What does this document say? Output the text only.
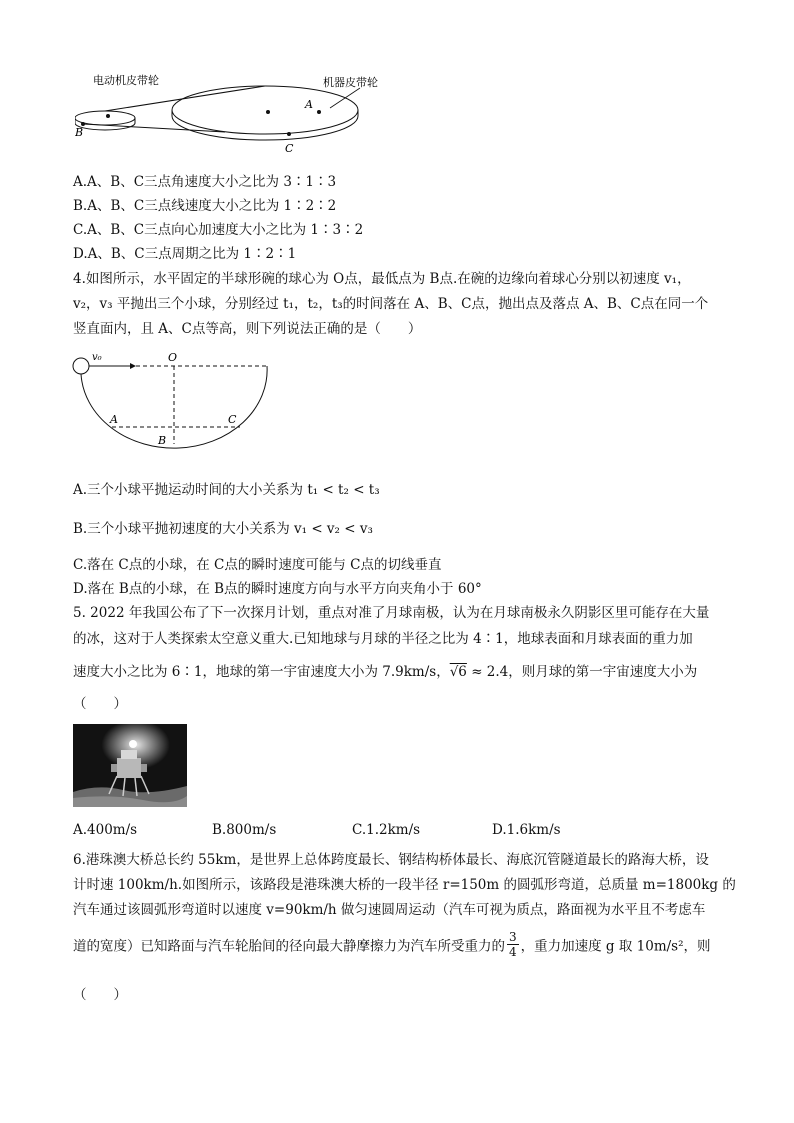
电动机皮带轮	机器皮带轮
A
B
C
A.A、B、C三点角速度大小之比为 3∶1∶3
B.A、B、C三点线速度大小之比为 1∶2∶2
C.A、B、C三点向心加速度大小之比为 1∶3∶2
D.A、B、C三点周期之比为 1∶2∶1
4.如图所示，水平固定的半球形碗的球心为 O点，最低点为 B点.在碗的边缘向着球心分别以初速度 v₁，
v₂，v₃ 平抛出三个小球，分别经过 t₁，t₂，t₃的时间落在 A、B、C点，抛出点及落点 A、B、C点在同一个
竖直面内，且 A、C点等高，则下列说法正确的是（　　）
v₀	O
A	C
B
A.三个小球平抛运动时间的大小关系为 t₁ < t₂ < t₃
B.三个小球平抛初速度的大小关系为 v₁ < v₂ < v₃
C.落在 C点的小球，在 C点的瞬时速度可能与 C点的切线垂直
D.落在 B点的小球，在 B点的瞬时速度方向与水平方向夹角小于 60°
5. 2022 年我国公布了下一次探月计划，重点对准了月球南极，认为在月球南极永久阴影区里可能存在大量
的冰，这对于人类探索太空意义重大.已知地球与月球的半径之比为 4∶1，地球表面和月球表面的重力加
速度大小之比为 6∶1，地球的第一宇宙速度大小为 7.9km/s，√6 ≈ 2.4，则月球的第一宇宙速度大小为
（　　）
A.400m/s	B.800m/s	C.1.2km/s	D.1.6km/s
6.港珠澳大桥总长约 55km，是世界上总体跨度最长、钢结构桥体最长、海底沉管隧道最长的路海大桥，设
计时速 100km/h.如图所示，该路段是港珠澳大桥的一段半径 r=150m 的圆弧形弯道，总质量 m=1800kg 的
汽车通过该圆弧形弯道时以速度 v=90km/h 做匀速圆周运动（汽车可视为质点，路面视为水平且不考虑车
道的宽度）已知路面与汽车轮胎间的径向最大静摩擦力为汽车所受重力的 $\frac{3}{4}$ ，重力加速度 g 取 10m/s²，则
（　　）
